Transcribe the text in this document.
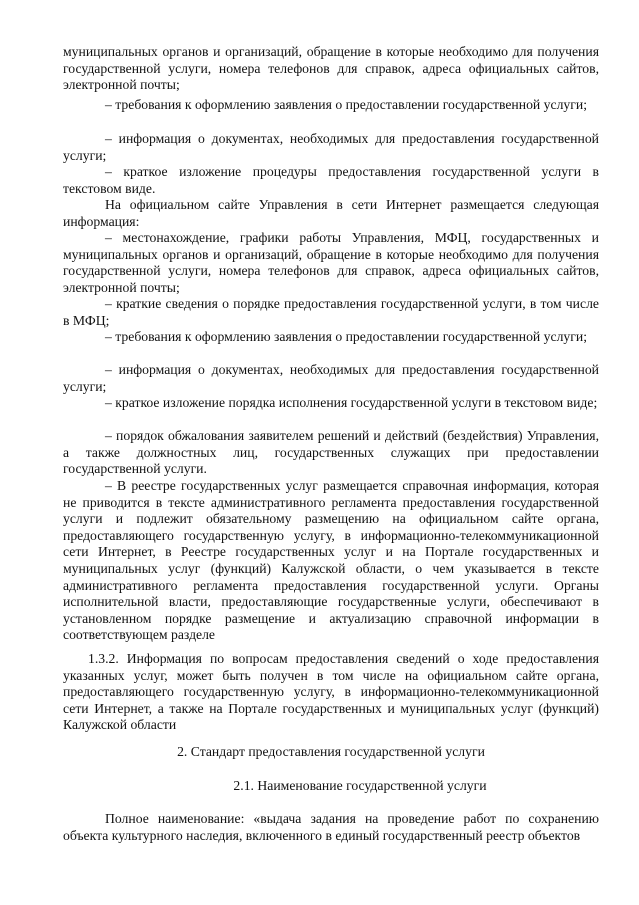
муниципальных органов и организаций, обращение в которые необходимо для получения государственной услуги, номера телефонов для справок, адреса официальных сайтов, электронной почты;
– требования к оформлению заявления о предоставлении государственной услуги;
– информация о документах, необходимых для предоставления государственной услуги;
– краткое изложение процедуры предоставления государственной услуги в текстовом виде.
На официальном сайте Управления в сети Интернет размещается следующая информация:
– местонахождение, графики работы Управления, МФЦ, государственных и муниципальных органов и организаций, обращение в которые необходимо для получения государственной услуги, номера телефонов для справок, адреса официальных сайтов, электронной почты;
– краткие сведения о порядке предоставления государственной услуги, в том числе в МФЦ;
– требования к оформлению заявления о предоставлении государственной услуги;
– информация о документах, необходимых для предоставления государственной услуги;
– краткое изложение порядка исполнения государственной услуги в текстовом виде;
– порядок обжалования заявителем решений и действий (бездействия) Управления, а также должностных лиц, государственных служащих при предоставлении государственной услуги.
– В реестре государственных услуг размещается справочная информация, которая не приводится в тексте административного регламента предоставления государственной услуги и подлежит обязательному размещению на официальном сайте органа, предоставляющего государственную услугу, в информационно-телекоммуникационной сети Интернет, в Реестре государственных услуг и на Портале государственных и муниципальных услуг (функций) Калужской области, о чем указывается в тексте административного регламента предоставления государственной услуги. Органы исполнительной власти, предоставляющие государственные услуги, обеспечивают в установленном порядке размещение и актуализацию справочной информации в соответствующем разделе
1.3.2. Информация по вопросам предоставления сведений о ходе предоставления указанных услуг, может быть получен в том числе на официальном сайте органа, предоставляющего государственную услугу, в информационно-телекоммуникационной сети Интернет, а также на Портале государственных и муниципальных услуг (функций) Калужской области
2. Стандарт предоставления государственной услуги
2.1. Наименование государственной услуги
Полное наименование: «выдача задания на проведение работ по сохранению объекта культурного наследия, включенного в единый государственный реестр объектов
